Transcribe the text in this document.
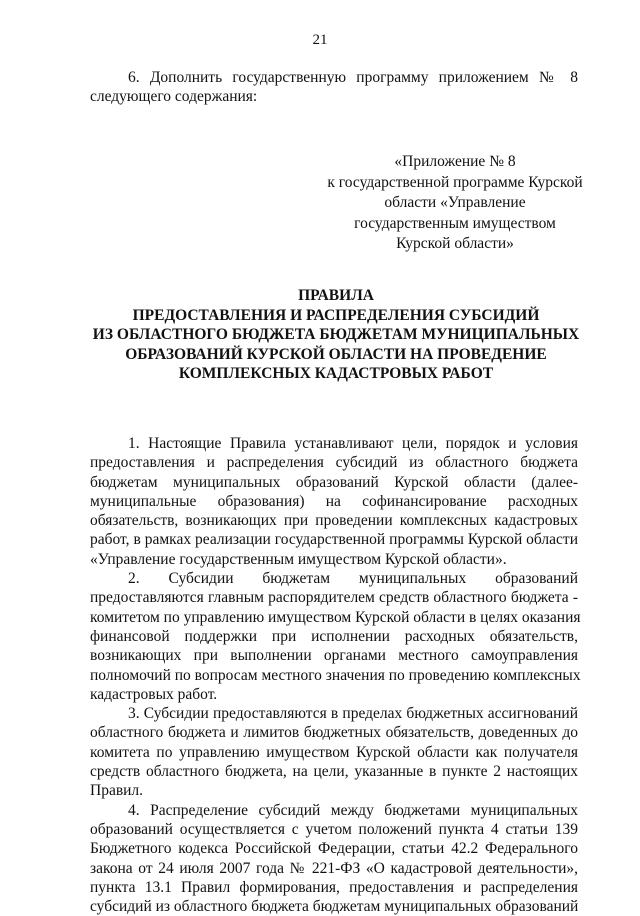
21
6. Дополнить государственную программу приложением № 8
следующего содержания:
«Приложение № 8
к государственной программе Курской
области «Управление
государственным имуществом
Курской области»
ПРАВИЛА
ПРЕДОСТАВЛЕНИЯ И РАСПРЕДЕЛЕНИЯ СУБСИДИЙ
ИЗ ОБЛАСТНОГО БЮДЖЕТА БЮДЖЕТАМ МУНИЦИПАЛЬНЫХ
ОБРАЗОВАНИЙ КУРСКОЙ ОБЛАСТИ НА ПРОВЕДЕНИЕ
КОМПЛЕКСНЫХ КАДАСТРОВЫХ РАБОТ
1. Настоящие Правила устанавливают цели, порядок и условия
предоставления и распределения субсидий из областного бюджета
бюджетам муниципальных образований Курской области (далее-
муниципальные образования) на софинансирование расходных
обязательств, возникающих при проведении комплексных кадастровых
работ, в рамках реализации государственной программы Курской области
«Управление государственным имуществом Курской области».
2. Субсидии бюджетам муниципальных образований
предоставляются главным распорядителем средств областного бюджета -
комитетом по управлению имуществом Курской области в целях оказания
финансовой поддержки при исполнении расходных обязательств,
возникающих при выполнении органами местного самоуправления
полномочий по вопросам местного значения по проведению комплексных
кадастровых работ.
3. Субсидии предоставляются в пределах бюджетных ассигнований
областного бюджета и лимитов бюджетных обязательств, доведенных до
комитета по управлению имуществом Курской области как получателя
средств областного бюджета, на цели, указанные в пункте 2 настоящих
Правил.
4. Распределение субсидий между бюджетами муниципальных
образований осуществляется с учетом положений пункта 4 статьи 139
Бюджетного кодекса Российской Федерации, статьи 42.2 Федерального
закона от 24 июля 2007 года № 221-ФЗ «О кадастровой деятельности»,
пункта 13.1 Правил формирования, предоставления и распределения
субсидий из областного бюджета бюджетам муниципальных образований
